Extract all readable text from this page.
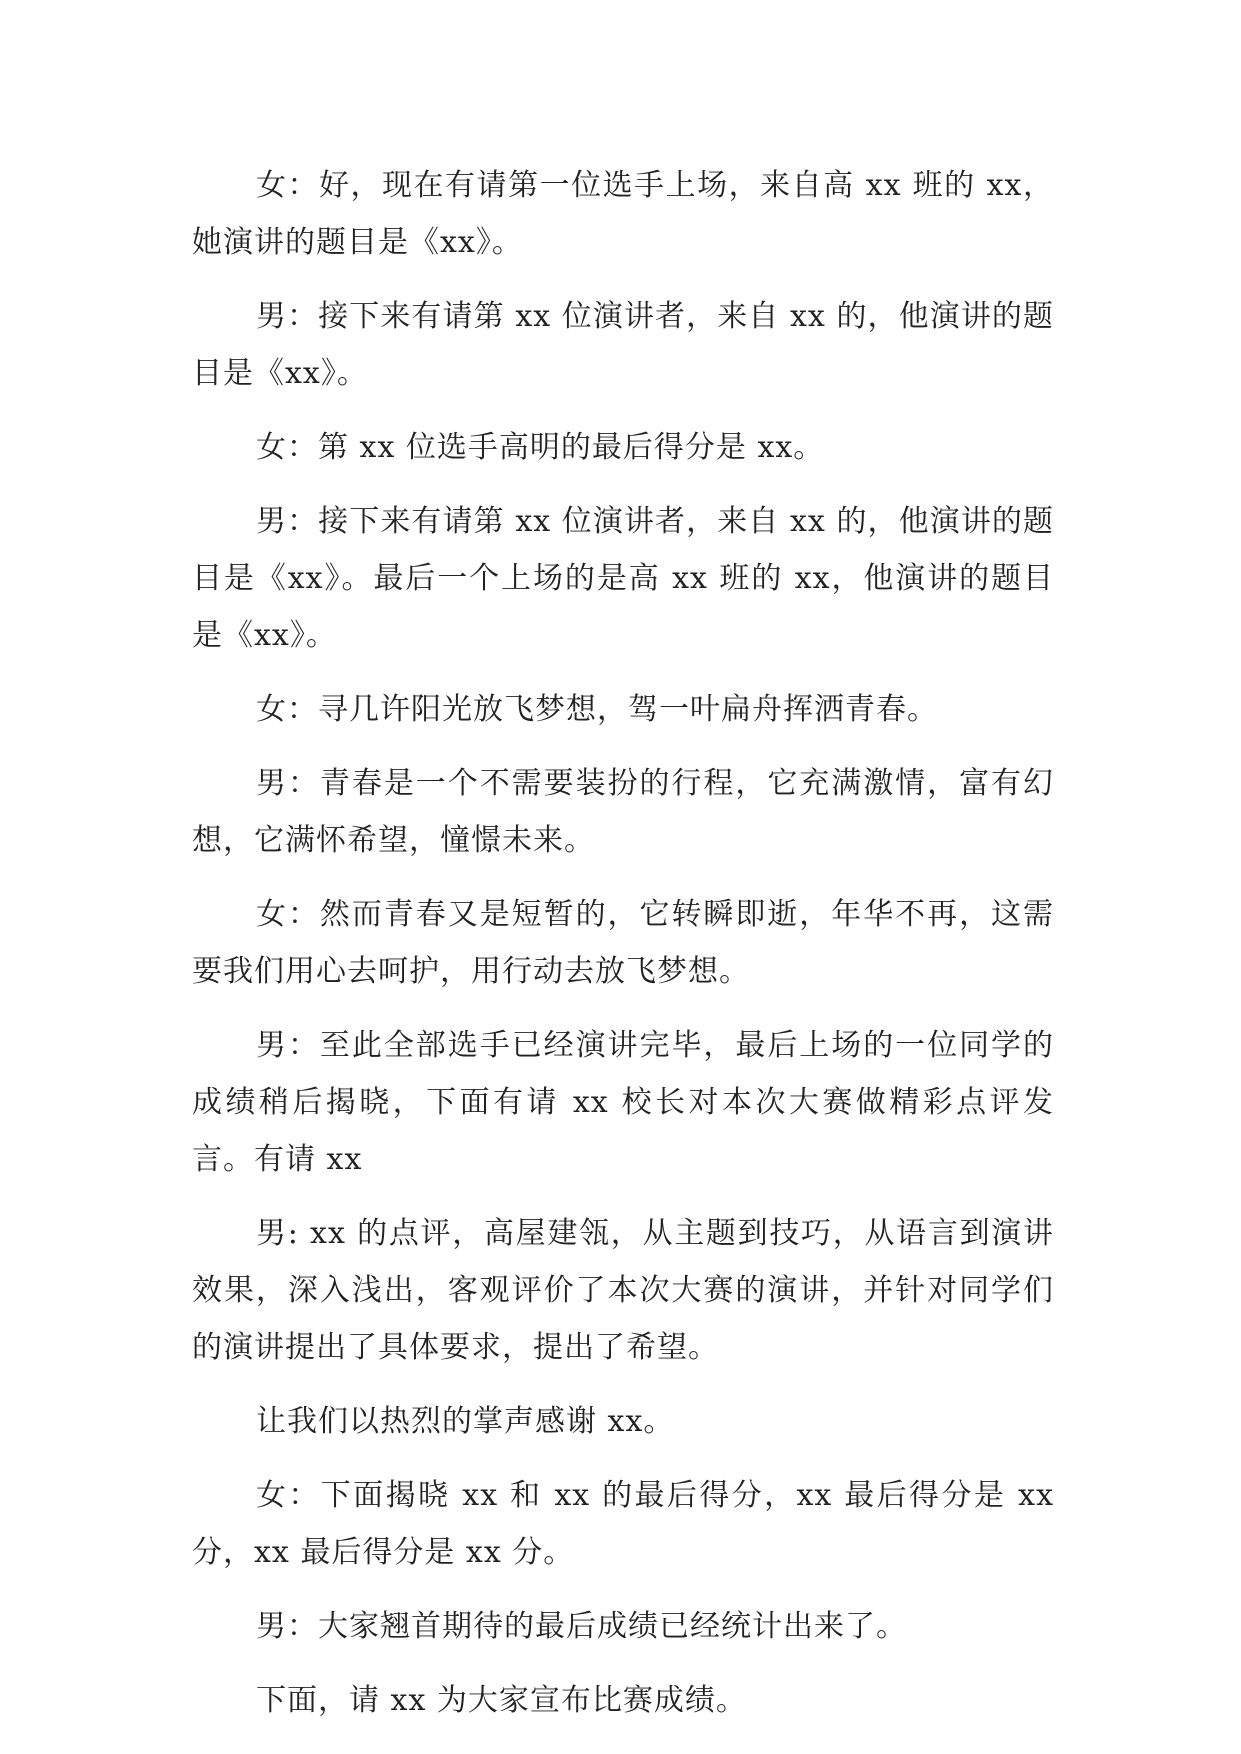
女：好，现在有请第一位选手上场，来自高 xx 班的 xx，她演讲的题目是《xx》。

男：接下来有请第 xx 位演讲者，来自 xx 的，他演讲的题目是《xx》。

女：第 xx 位选手高明的最后得分是 xx。

男：接下来有请第 xx 位演讲者，来自 xx 的，他演讲的题目是《xx》。最后一个上场的是高 xx 班的 xx，他演讲的题目是《xx》。

女：寻几许阳光放飞梦想，驾一叶扁舟挥洒青春。

男：青春是一个不需要装扮的行程，它充满激情，富有幻想，它满怀希望，憧憬未来。

女：然而青春又是短暂的，它转瞬即逝，年华不再，这需要我们用心去呵护，用行动去放飞梦想。

男：至此全部选手已经演讲完毕，最后上场的一位同学的成绩稍后揭晓，下面有请 xx 校长对本次大赛做精彩点评发言。有请 xx

男: xx 的点评，高屋建瓴，从主题到技巧，从语言到演讲效果，深入浅出，客观评价了本次大赛的演讲，并针对同学们的演讲提出了具体要求，提出了希望。

让我们以热烈的掌声感谢 xx。

女：下面揭晓 xx 和 xx 的最后得分，xx 最后得分是 xx 分，xx 最后得分是 xx 分。

男：大家翘首期待的最后成绩已经统计出来了。

下面，请 xx 为大家宣布比赛成绩。
